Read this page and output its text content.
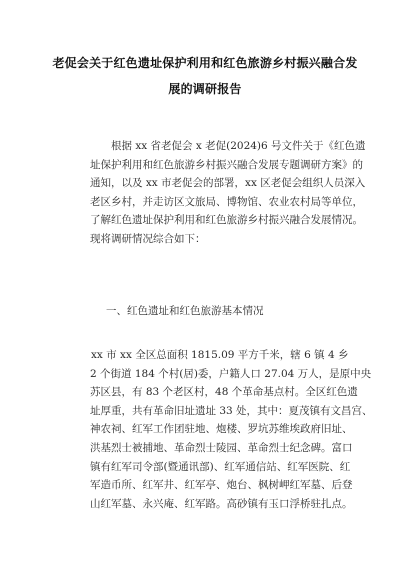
老促会关于红色遗址保护利用和红色旅游乡村振兴融合发
展的调研报告
根据 xx 省老促会 x 老促(2024)6 号文件关于《红色遗
址保护利用和红色旅游乡村振兴融合发展专题调研方案》的
通知，以及 xx 市老促会的部署，xx 区老促会组织人员深入
老区乡村，并走访区文旅局、博物馆、农业农村局等单位，
了解红色遗址保护利用和红色旅游乡村振兴融合发展情况。
现将调研情况综合如下：
一、红色遗址和红色旅游基本情况
xx 市 xx 全区总面积 1815.09 平方千米，辖 6 镇 4 乡
2 个街道 184 个村(居)委，户籍人口 27.04 万人，是原中央
苏区县，有 83 个老区村，48 个革命基点村。全区红色遗
址厚重，共有革命旧址遗址 33 处，其中：夏茂镇有文昌宫、
神农祠、红军工作团驻地、炮楼、罗坑苏维埃政府旧址、
洪基烈士被捕地、革命烈士陵园、革命烈士纪念碑。富口
镇有红军司令部(暨通讯部)、红军通信站、红军医院、红
军造币所、红军井、红军亭、炮台、枫树岬红军墓、后登
山红军墓、永兴庵、红军路。高砂镇有玉口浮桥驻扎点。
